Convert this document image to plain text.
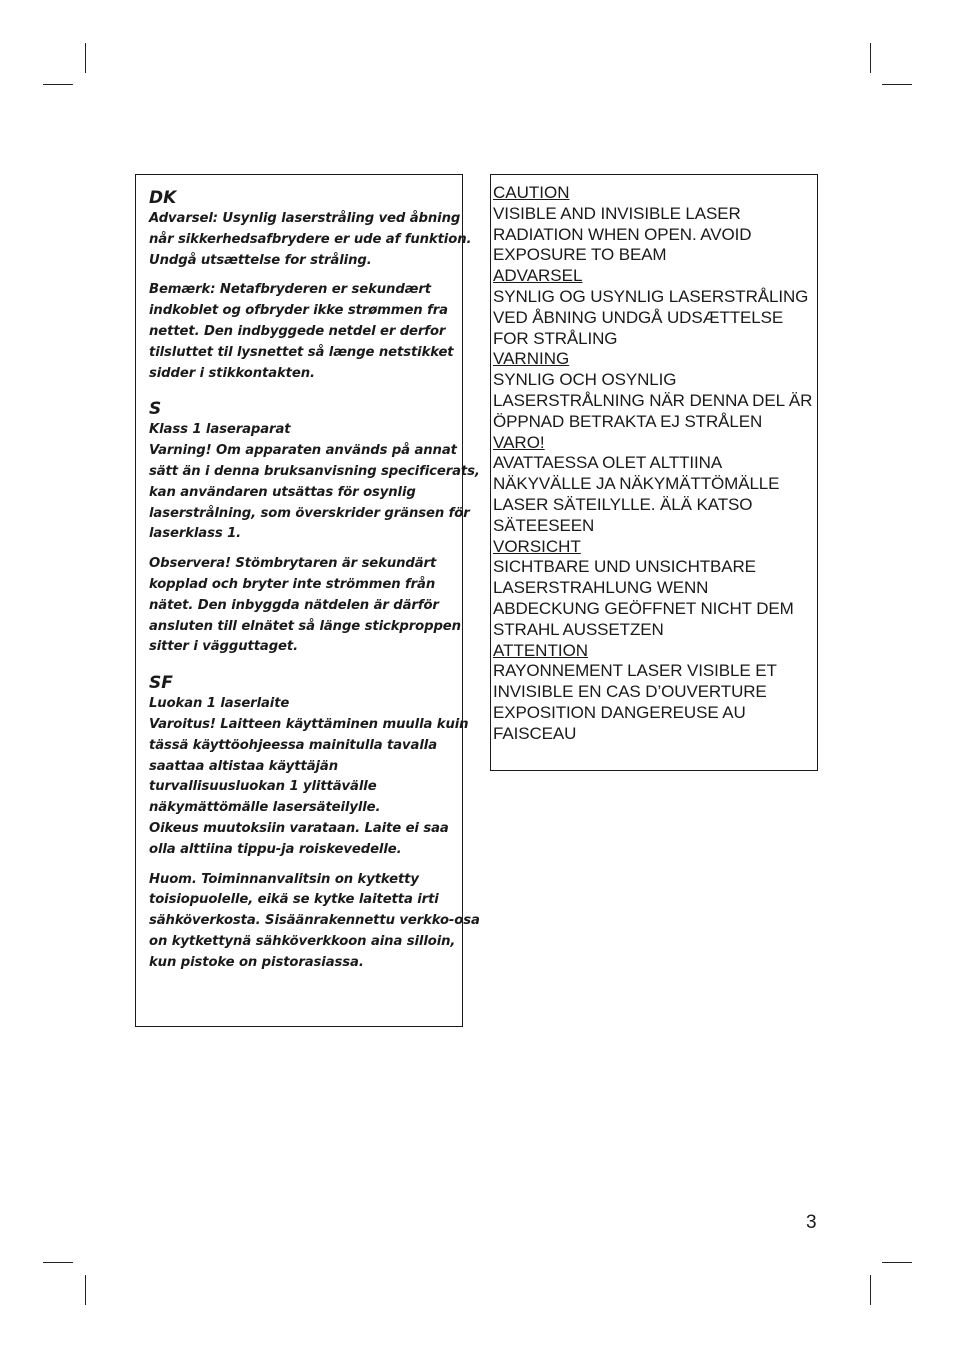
DK

Advarsel: Usynlig laserstråling ved åbning
når sikkerhedsafbrydere er ude af funktion.
Undgå utsættelse for stråling.

Bemærk: Netafbryderen er sekundært
indkoblet og ofbryder ikke strømmen fra
nettet. Den indbyggede netdel er derfor
tilsluttet til lysnettet så længe netstikket
sidder i stikkontakten.

S

Klass 1 laseraparat
Varning! Om apparaten används på annat
sätt än i denna bruksanvisning specificerats,
kan användaren utsättas för osynlig
laserstrålning, som överskrider gränsen för
laserklass 1.

Observera! Stömbrytaren är sekundärt
kopplad och bryter inte strömmen från
nätet. Den inbyggda nätdelen är därför
ansluten till elnätet så länge stickproppen
sitter i vägguttaget.

SF

Luokan 1 laserlaite
Varoitus! Laitteen käyttäminen muulla kuin
tässä käyttöohjeessa mainitulla tavalla
saattaa altistaa käyttäjän
turvallisuusluokan 1 ylittävälle
näkymättömälle lasersäteilylle.
Oikeus muutoksiin varataan. Laite ei saa
olla alttiina tippu-ja roiskevedelle.

Huom. Toiminnanvalitsin on kytketty
toisiopuolelle, eikä se kytke laitetta irti
sähköverkosta. Sisäänrakennettu verkko-osa
on kytkettynä sähköverkkoon aina silloin,
kun pistoke on pistorasiassa.

CAUTION
VISIBLE AND INVISIBLE LASER
RADIATION WHEN OPEN. AVOID
EXPOSURE TO BEAM
ADVARSEL
SYNLIG OG USYNLIG LASERSTRÅLING
VED ÅBNING UNDGÅ UDSÆTTELSE
FOR STRÅLING
VARNING
SYNLIG OCH OSYNLIG
LASERSTRÅLNING NÄR DENNA DEL ÄR
ÖPPNAD BETRAKTA EJ STRÅLEN
VARO!
AVATTAESSA OLET ALTTIINA
NÄKYVÄLLE JA NÄKYMÄTTÖMÄLLE
LASER SÄTEILYLLE. ÄLÄ KATSO
SÄTEESEEN
VORSICHT
SICHTBARE UND UNSICHTBARE
LASERSTRAHLUNG WENN
ABDECKUNG GEÖFFNET NICHT DEM
STRAHL AUSSETZEN
ATTENTION
RAYONNEMENT LASER VISIBLE ET
INVISIBLE EN CAS D’OUVERTURE
EXPOSITION DANGEREUSE AU
FAISCEAU
3
